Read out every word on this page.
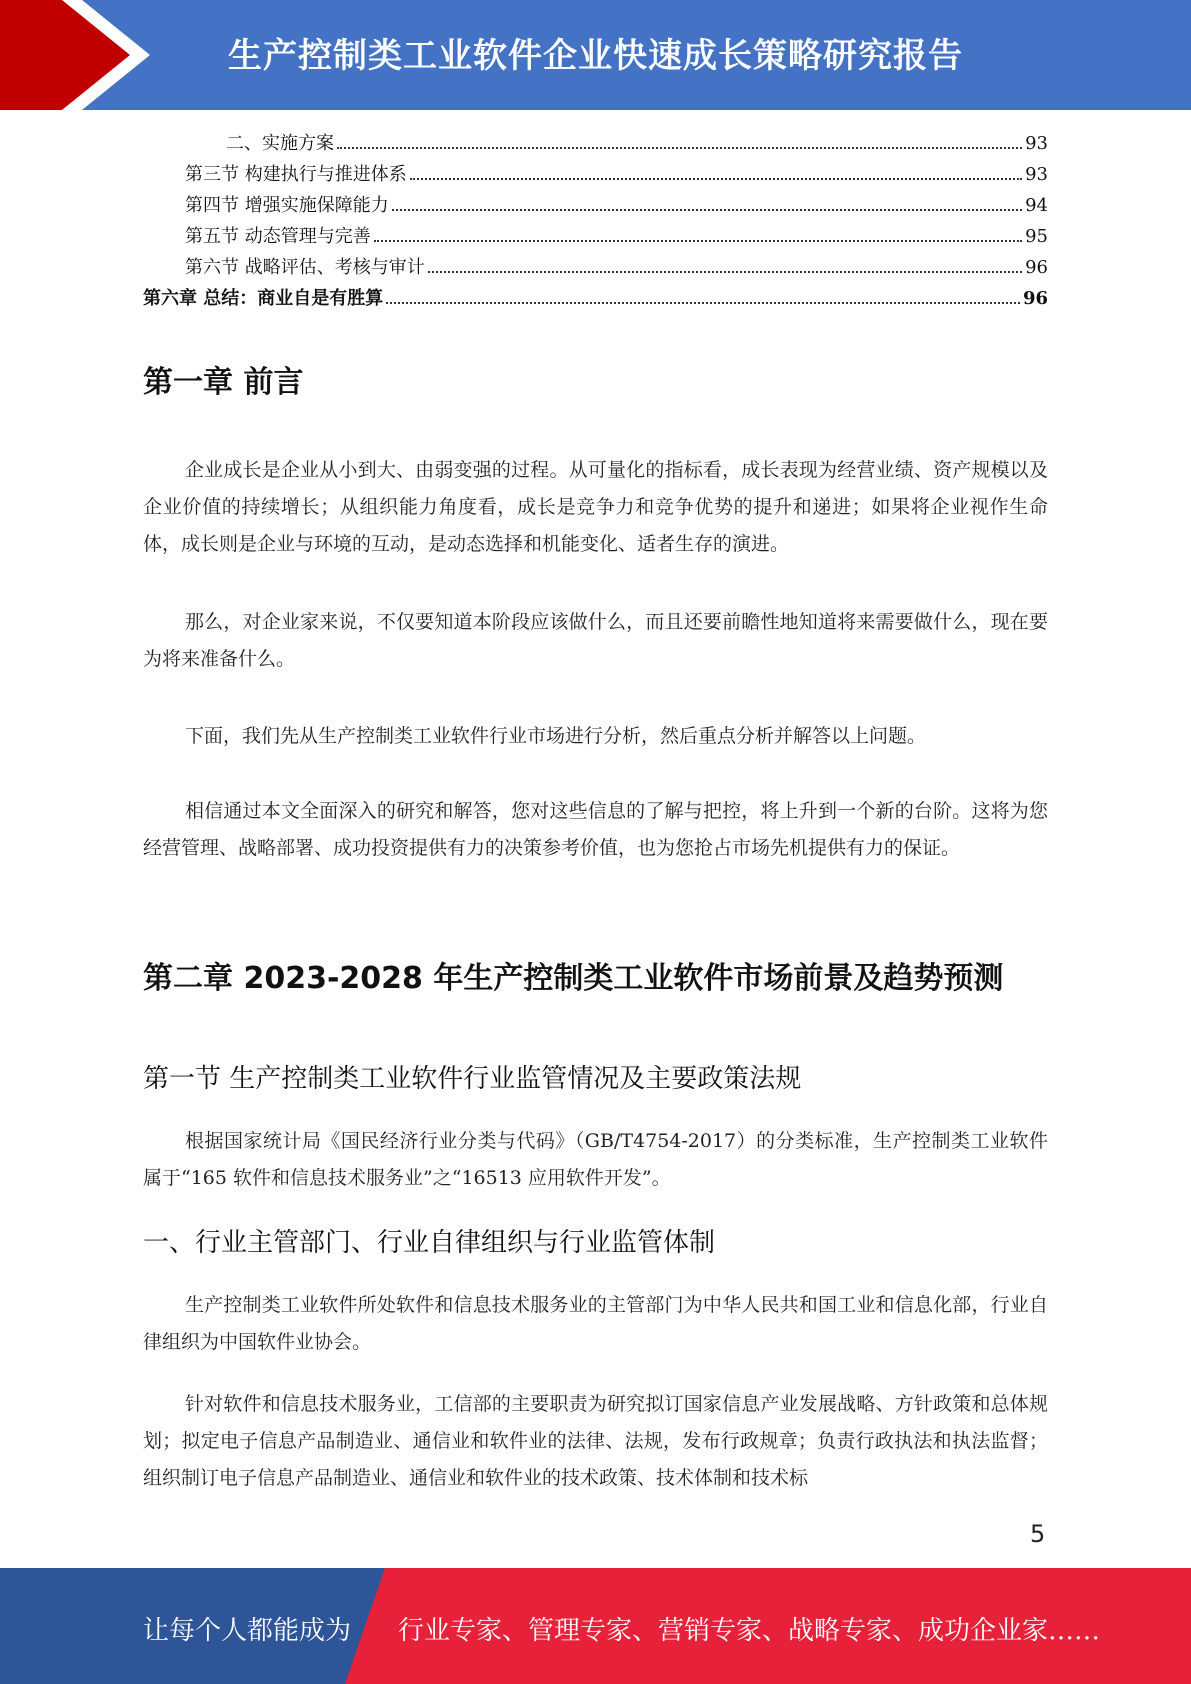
生产控制类工业软件企业快速成长策略研究报告
二、实施方案	93
第三节 构建执行与推进体系	93
第四节 增强实施保障能力	94
第五节 动态管理与完善	95
第六节 战略评估、考核与审计	96
第六章 总结：商业自是有胜算	96
第一章 前言
企业成长是企业从小到大、由弱变强的过程。从可量化的指标看，成长表现为经营业绩、资产规模以及企业价值的持续增长；从组织能力角度看，成长是竞争力和竞争优势的提升和递进；如果将企业视作生命体，成长则是企业与环境的互动，是动态选择和机能变化、适者生存的演进。
那么，对企业家来说，不仅要知道本阶段应该做什么，而且还要前瞻性地知道将来需要做什么，现在要为将来准备什么。
下面，我们先从生产控制类工业软件行业市场进行分析，然后重点分析并解答以上问题。
相信通过本文全面深入的研究和解答，您对这些信息的了解与把控，将上升到一个新的台阶。这将为您经营管理、战略部署、成功投资提供有力的决策参考价值，也为您抢占市场先机提供有力的保证。
第二章 2023-2028 年生产控制类工业软件市场前景及趋势预测
第一节 生产控制类工业软件行业监管情况及主要政策法规
根据国家统计局《国民经济行业分类与代码》（GB/T4754-2017）的分类标准，生产控制类工业软件属于“165 软件和信息技术服务业”之“16513 应用软件开发”。
一、行业主管部门、行业自律组织与行业监管体制
生产控制类工业软件所处软件和信息技术服务业的主管部门为中华人民共和国工业和信息化部，行业自律组织为中国软件业协会。
针对软件和信息技术服务业，工信部的主要职责为研究拟订国家信息产业发展战略、方针政策和总体规划；拟定电子信息产品制造业、通信业和软件业的法律、法规，发布行政规章；负责行政执法和执法监督；组织制订电子信息产品制造业、通信业和软件业的技术政策、技术体制和技术标
5
让每个人都能成为 行业专家、管理专家、营销专家、战略专家、成功企业家……
